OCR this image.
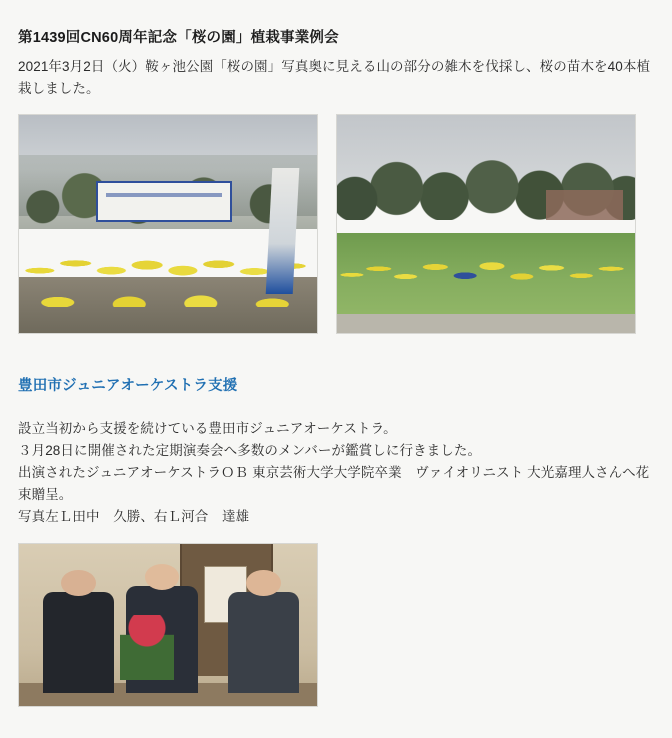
第1439回CN60周年記念「桜の園」植栽事業例会

2021年3月2日（火）鞍ヶ池公園「桜の園」写真奥に見える山の部分の雑木を伐採し、桜の苗木を40本植栽しました。

豊田市ジュニアオーケストラ支援

設立当初から支援を続けている豊田市ジュニアオーケストラ。

３月28日に開催された定期演奏会へ多数のメンバーが鑑賞しに行きました。

出演されたジュニアオーケストラＯＢ 東京芸術大学大学院卒業　ヴァイオリニスト 大光嘉理人さんへ花束贈呈。

写真左Ｌ田中　久勝、右Ｌ河合　達雄
